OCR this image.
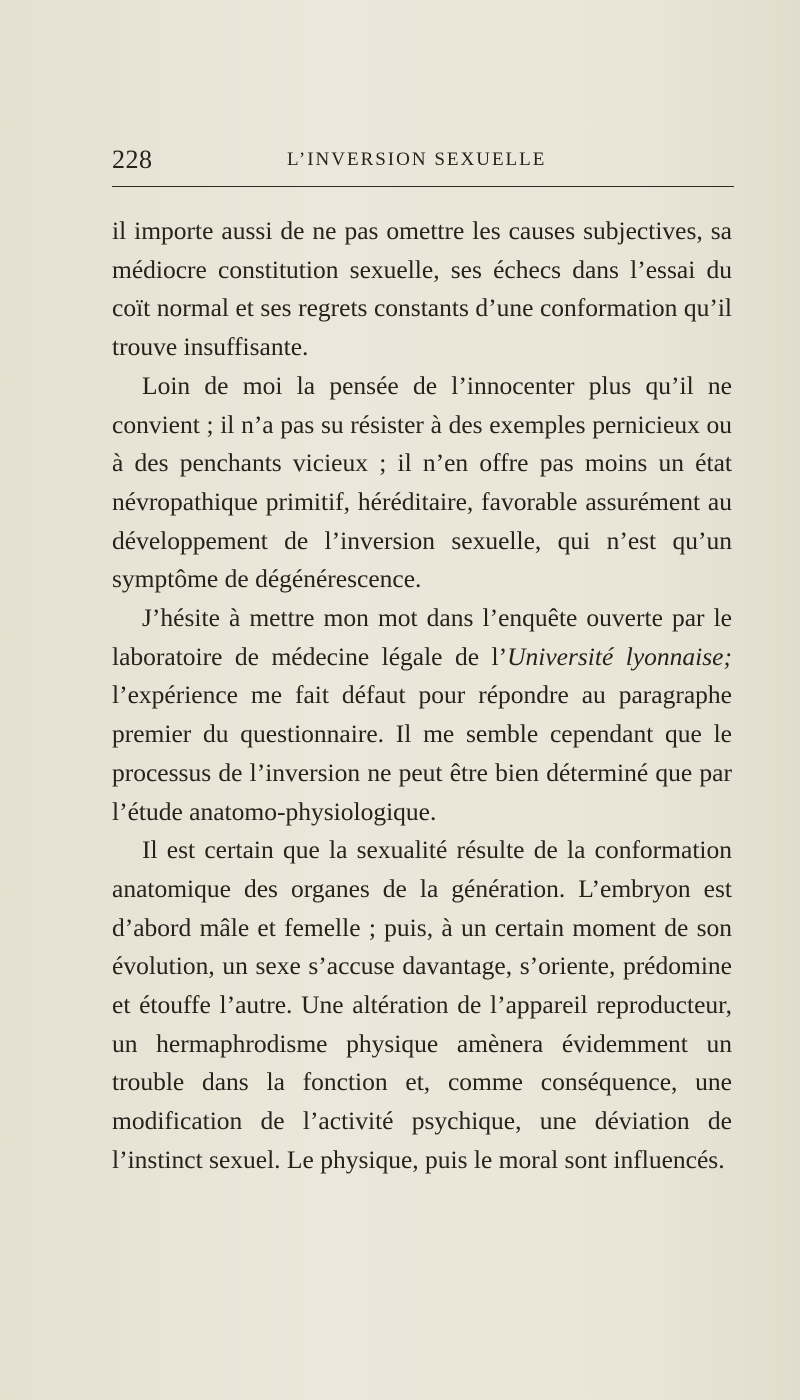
228	L’INVERSION SEXUELLE

il importe aussi de ne pas omettre les causes subjectives, sa médiocre constitution sexuelle, ses échecs dans l’essai du coït normal et ses regrets constants d’une conformation qu’il trouve insuffisante.

Loin de moi la pensée de l’innocenter plus qu’il ne convient ; il n’a pas su résister à des exemples pernicieux ou à des penchants vicieux ; il n’en offre pas moins un état névropathique primitif, héréditaire, favorable assurément au développement de l’inversion sexuelle, qui n’est qu’un symptôme de dégénérescence.

J’hésite à mettre mon mot dans l’enquête ouverte par le laboratoire de médecine légale de l’Université lyonnaise; l’expérience me fait défaut pour répondre au paragraphe premier du questionnaire. Il me semble cependant que le processus de l’inversion ne peut être bien déterminé que par l’étude anatomo-physiologique.

Il est certain que la sexualité résulte de la conformation anatomique des organes de la génération. L’embryon est d’abord mâle et femelle ; puis, à un certain moment de son évolution, un sexe s’accuse davantage, s’oriente, prédomine et étouffe l’autre. Une altération de l’appareil reproducteur, un hermaphrodisme physique amènera évidemment un trouble dans la fonction et, comme conséquence, une modification de l’activité psychique, une déviation de l’instinct sexuel. Le physique, puis le moral sont influencés.
